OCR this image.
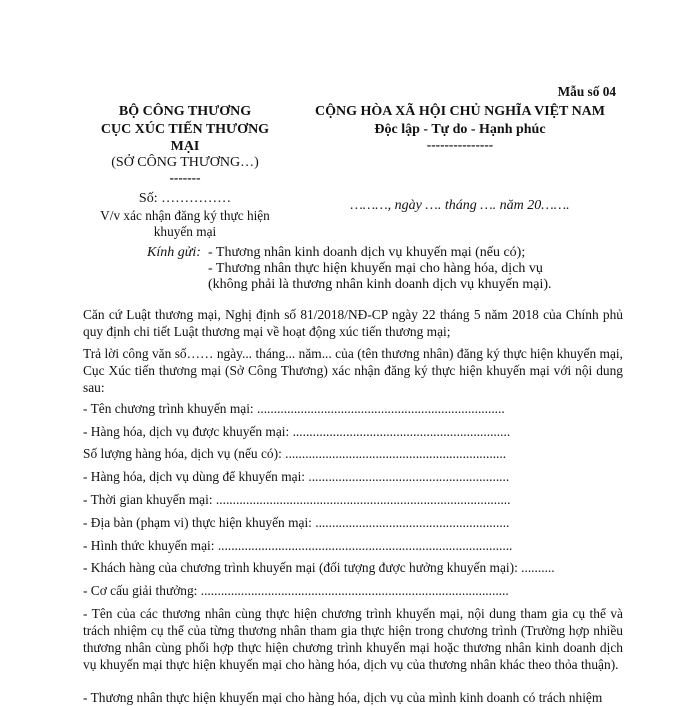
Mẫu số 04
BỘ CÔNG THƯƠNG
CỤC XÚC TIẾN THƯƠNG
MẠI
(SỞ CÔNG THƯƠNG…)
-------
Số: ……………
V/v xác nhận đăng ký thực hiện
khuyến mại
CỘNG HÒA XÃ HỘI CHỦ NGHĨA VIỆT NAM
Độc lập - Tự do - Hạnh phúc
---------------
………, ngày …. tháng …. năm 20…….
Kính gửi: - Thương nhân kinh doanh dịch vụ khuyến mại (nếu có);
- Thương nhân thực hiện khuyến mại cho hàng hóa, dịch vụ
(không phải là thương nhân kinh doanh dịch vụ khuyến mại).
Căn cứ Luật thương mại, Nghị định số 81/2018/NĐ-CP ngày 22 tháng 5 năm 2018 của Chính phủ quy định chi tiết Luật thương mại về hoạt động xúc tiến thương mại;
Trả lời công văn số…… ngày... tháng... năm... của (tên thương nhân) đăng ký thực hiện khuyến mại, Cục Xúc tiến thương mại (Sở Công Thương) xác nhận đăng ký thực hiện khuyến mại với nội dung sau:
- Tên chương trình khuyến mại: ..........................................................................
- Hàng hóa, dịch vụ được khuyến mại: .................................................................
Số lượng hàng hóa, dịch vụ (nếu có): ..................................................................
- Hàng hóa, dịch vụ dùng để khuyến mại: ............................................................
- Thời gian khuyến mại: ........................................................................................
- Địa bàn (phạm vi) thực hiện khuyến mại: ..........................................................
- Hình thức khuyến mại: ........................................................................................
- Khách hàng của chương trình khuyến mại (đối tượng được hưởng khuyến mại): ..........
- Cơ cấu giải thưởng: ............................................................................................
- Tên của các thương nhân cùng thực hiện chương trình khuyến mại, nội dung tham gia cụ thể và trách nhiệm cụ thể của từng thương nhân tham gia thực hiện trong chương trình (Trường hợp nhiều thương nhân cùng phối hợp thực hiện chương trình khuyến mại hoặc thương nhân kinh doanh dịch vụ khuyến mại thực hiện khuyến mại cho hàng hóa, dịch vụ của thương nhân khác theo thỏa thuận).
- Thương nhân thực hiện khuyến mại cho hàng hóa, dịch vụ của mình kinh doanh có trách nhiệm
